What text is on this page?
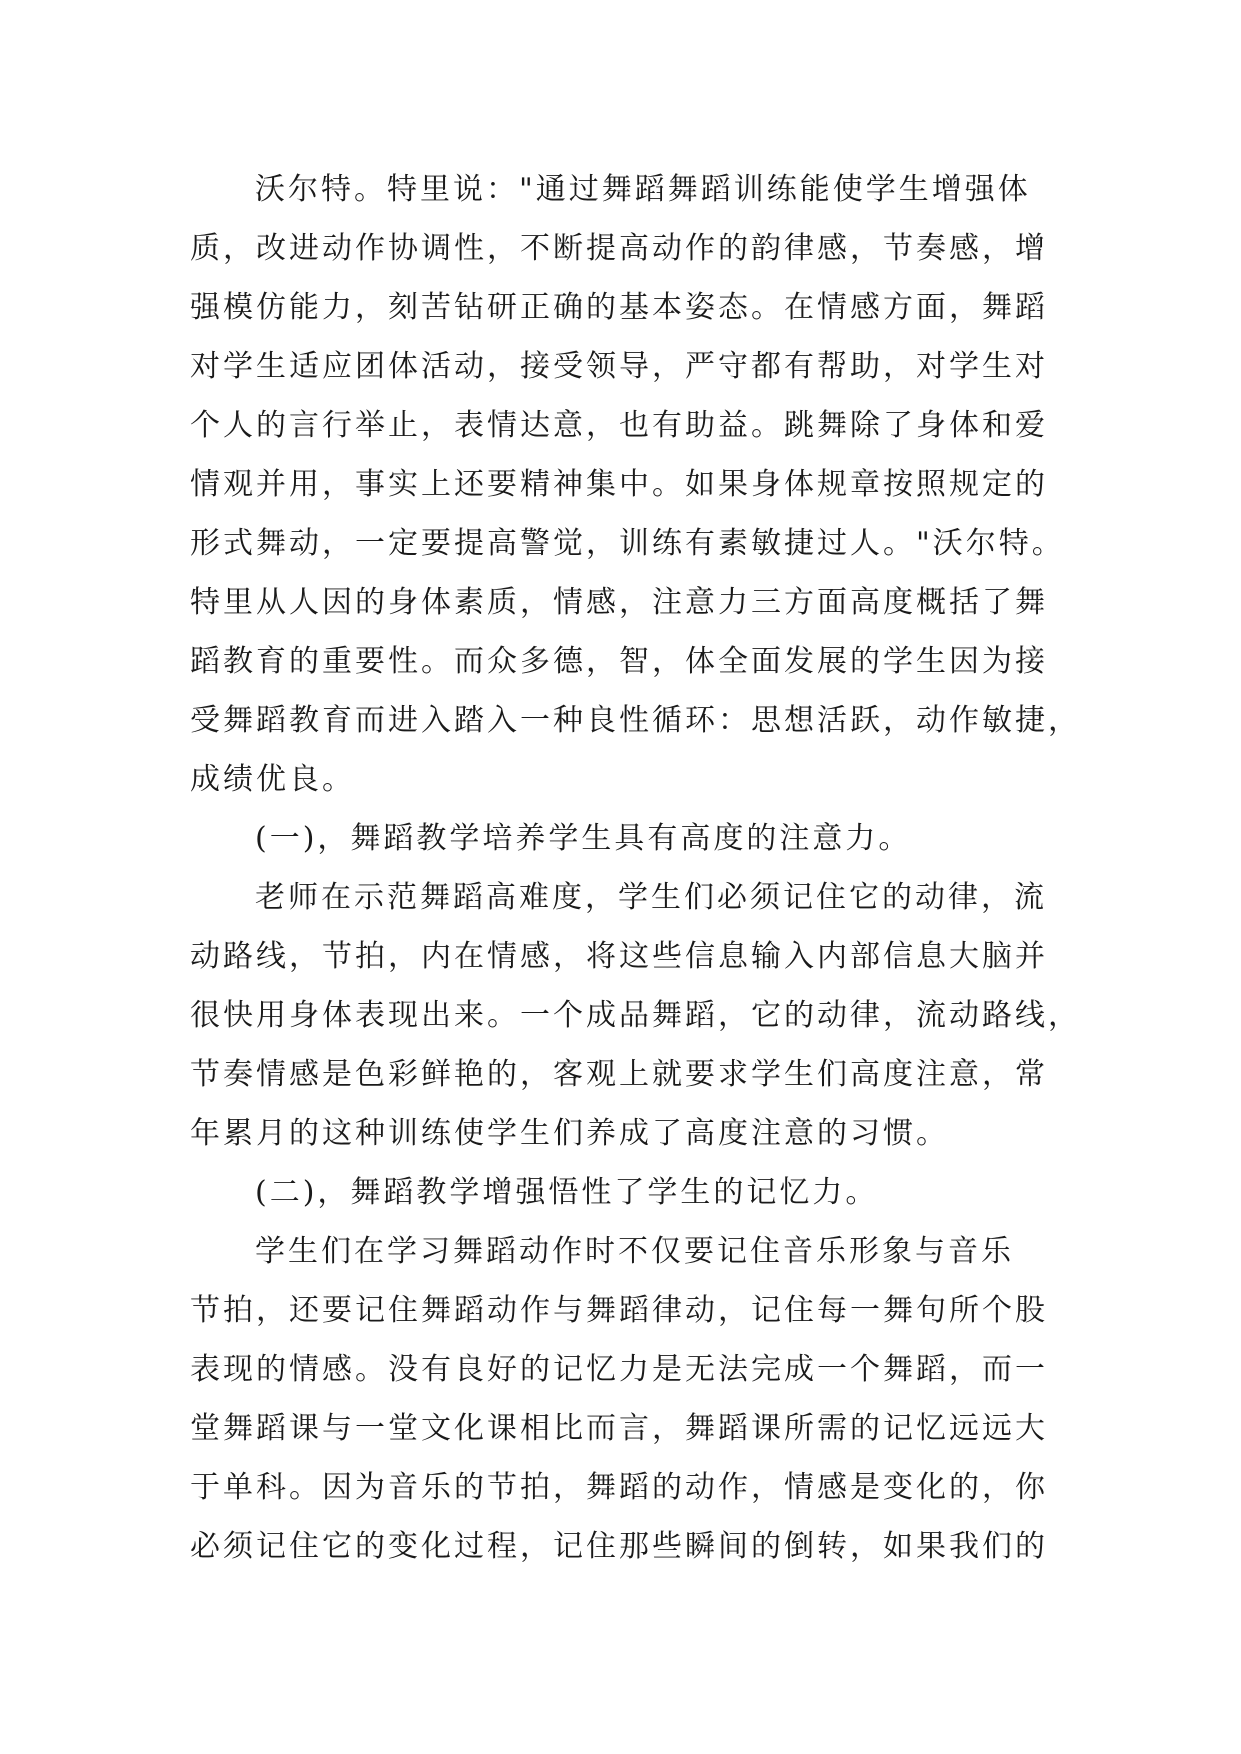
沃尔特。特里说："通过舞蹈舞蹈训练能使学生增强体
质，改进动作协调性，不断提高动作的韵律感，节奏感，增
强模仿能力，刻苦钻研正确的基本姿态。在情感方面，舞蹈
对学生适应团体活动，接受领导，严守都有帮助，对学生对
个人的言行举止，表情达意，也有助益。跳舞除了身体和爱
情观并用，事实上还要精神集中。如果身体规章按照规定的
形式舞动，一定要提高警觉，训练有素敏捷过人。"沃尔特。
特里从人因的身体素质，情感，注意力三方面高度概括了舞
蹈教育的重要性。而众多德，智，体全面发展的学生因为接
受舞蹈教育而进入踏入一种良性循环：思想活跃，动作敏捷，
成绩优良。
(一)，舞蹈教学培养学生具有高度的注意力。
老师在示范舞蹈高难度，学生们必须记住它的动律，流
动路线，节拍，内在情感，将这些信息输入内部信息大脑并
很快用身体表现出来。一个成品舞蹈，它的动律，流动路线，
节奏情感是色彩鲜艳的，客观上就要求学生们高度注意，常
年累月的这种训练使学生们养成了高度注意的习惯。
(二)，舞蹈教学增强悟性了学生的记忆力。
学生们在学习舞蹈动作时不仅要记住音乐形象与音乐
节拍，还要记住舞蹈动作与舞蹈律动，记住每一舞句所个股
表现的情感。没有良好的记忆力是无法完成一个舞蹈，而一
堂舞蹈课与一堂文化课相比而言，舞蹈课所需的记忆远远大
于单科。因为音乐的节拍，舞蹈的动作，情感是变化的，你
必须记住它的变化过程，记住那些瞬间的倒转，如果我们的
